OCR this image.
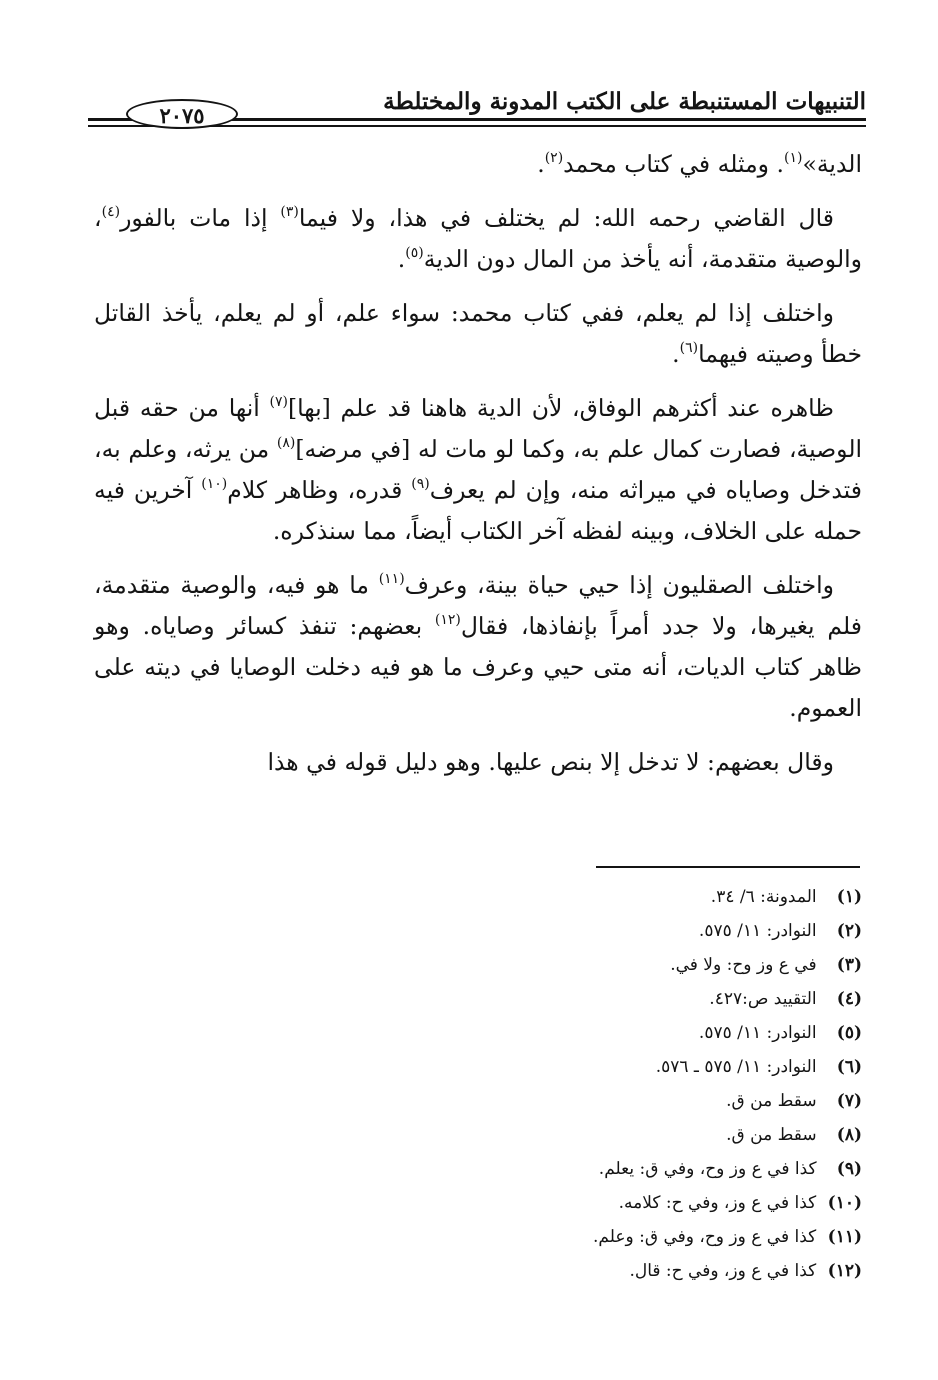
التنبيهات المستنبطة على الكتب المدونة والمختلطة
٢٠٧٥

الدية»$^{(١)}$. ومثله في كتاب محمد$^{(٢)}$.

قال القاضي رحمه الله: لم يختلف في هذا، ولا فيما$^{(٣)}$ إذا مات بالفور$^{(٤)}$، والوصية متقدمة، أنه يأخذ من المال دون الدية$^{(٥)}$.

واختلف إذا لم يعلم، ففي كتاب محمد: سواء علم، أو لم يعلم، يأخذ القاتل خطأ وصيته فيهما$^{(٦)}$.

ظاهره عند أكثرهم الوفاق، لأن الدية هاهنا قد علم [بها]$^{(٧)}$ أنها من حقه قبل الوصية، فصارت كمال علم به، وكما لو مات له [في مرضه]$^{(٨)}$ من يرثه، وعلم به، فتدخل وصاياه في ميراثه منه، وإن لم يعرف$^{(٩)}$ قدره، وظاهر كلام$^{(١٠)}$ آخرين فيه حمله على الخلاف، وبينه لفظه آخر الكتاب أيضاً، مما سنذكره.

واختلف الصقليون إذا حيي حياة بينة، وعرف$^{(١١)}$ ما هو فيه، والوصية متقدمة، فلم يغيرها، ولا جدد أمراً بإنفاذها، فقال$^{(١٢)}$ بعضهم: تنفذ كسائر وصاياه. وهو ظاهر كتاب الديات، أنه متى حيي وعرف ما هو فيه دخلت الوصايا في ديته على العموم.

وقال بعضهم: لا تدخل إلا بنص عليها. وهو دليل قوله في هذا

(١) المدونة: ٦/ ٣٤.
(٢) النوادر: ١١/ ٥٧٥.
(٣) في ع وز وح: ولا في.
(٤) التقييد ص:٤٢٧.
(٥) النوادر: ١١/ ٥٧٥.
(٦) النوادر: ١١/ ٥٧٥ ـ ٥٧٦.
(٧) سقط من ق.
(٨) سقط من ق.
(٩) كذا في ع وز وح، وفي ق: يعلم.
(١٠) كذا في ع وز، وفي ح: كلامه.
(١١) كذا في ع وز وح، وفي ق: وعلم.
(١٢) كذا في ع وز، وفي ح: قال.
